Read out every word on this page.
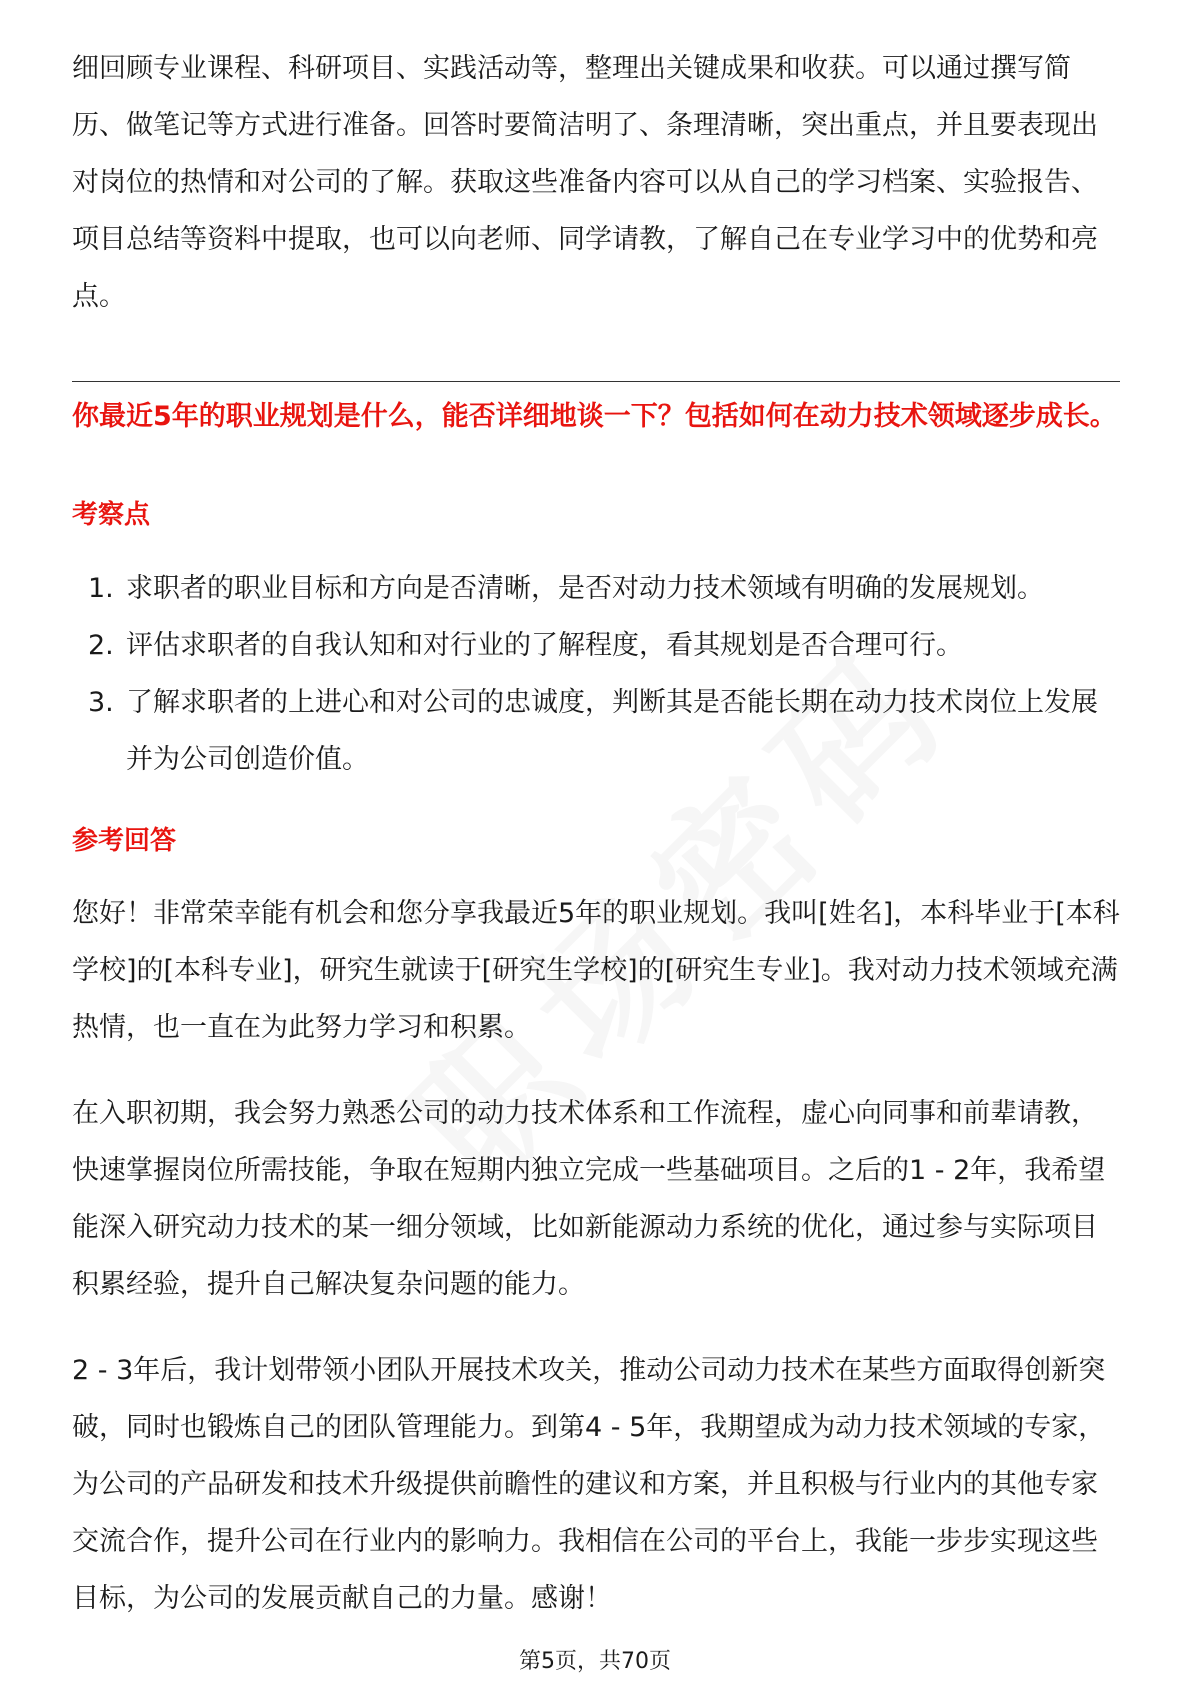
细回顾专业课程、科研项目、实践活动等，整理出关键成果和收获。可以通过撰写简历、做笔记等方式进行准备。回答时要简洁明了、条理清晰，突出重点，并且要表现出对岗位的热情和对公司的了解。获取这些准备内容可以从自己的学习档案、实验报告、项目总结等资料中提取，也可以向老师、同学请教，了解自己在专业学习中的优势和亮点。

你最近5年的职业规划是什么，能否详细地谈一下？包括如何在动力技术领域逐步成长。

考察点

1. 求职者的职业目标和方向是否清晰，是否对动力技术领域有明确的发展规划。
2. 评估求职者的自我认知和对行业的了解程度，看其规划是否合理可行。
3. 了解求职者的上进心和对公司的忠诚度，判断其是否能长期在动力技术岗位上发展并为公司创造价值。

参考回答

您好！非常荣幸能有机会和您分享我最近5年的职业规划。我叫[姓名]，本科毕业于[本科学校]的[本科专业]，研究生就读于[研究生学校]的[研究生专业]。我对动力技术领域充满热情，也一直在为此努力学习和积累。

在入职初期，我会努力熟悉公司的动力技术体系和工作流程，虚心向同事和前辈请教，快速掌握岗位所需技能，争取在短期内独立完成一些基础项目。之后的1 - 2年，我希望能深入研究动力技术的某一细分领域，比如新能源动力系统的优化，通过参与实际项目积累经验，提升自己解决复杂问题的能力。

2 - 3年后，我计划带领小团队开展技术攻关，推动公司动力技术在某些方面取得创新突破，同时也锻炼自己的团队管理能力。到第4 - 5年，我期望成为动力技术领域的专家，为公司的产品研发和技术升级提供前瞻性的建议和方案，并且积极与行业内的其他专家交流合作，提升公司在行业内的影响力。我相信在公司的平台上，我能一步步实现这些目标，为公司的发展贡献自己的力量。感谢！

第5页，共70页
